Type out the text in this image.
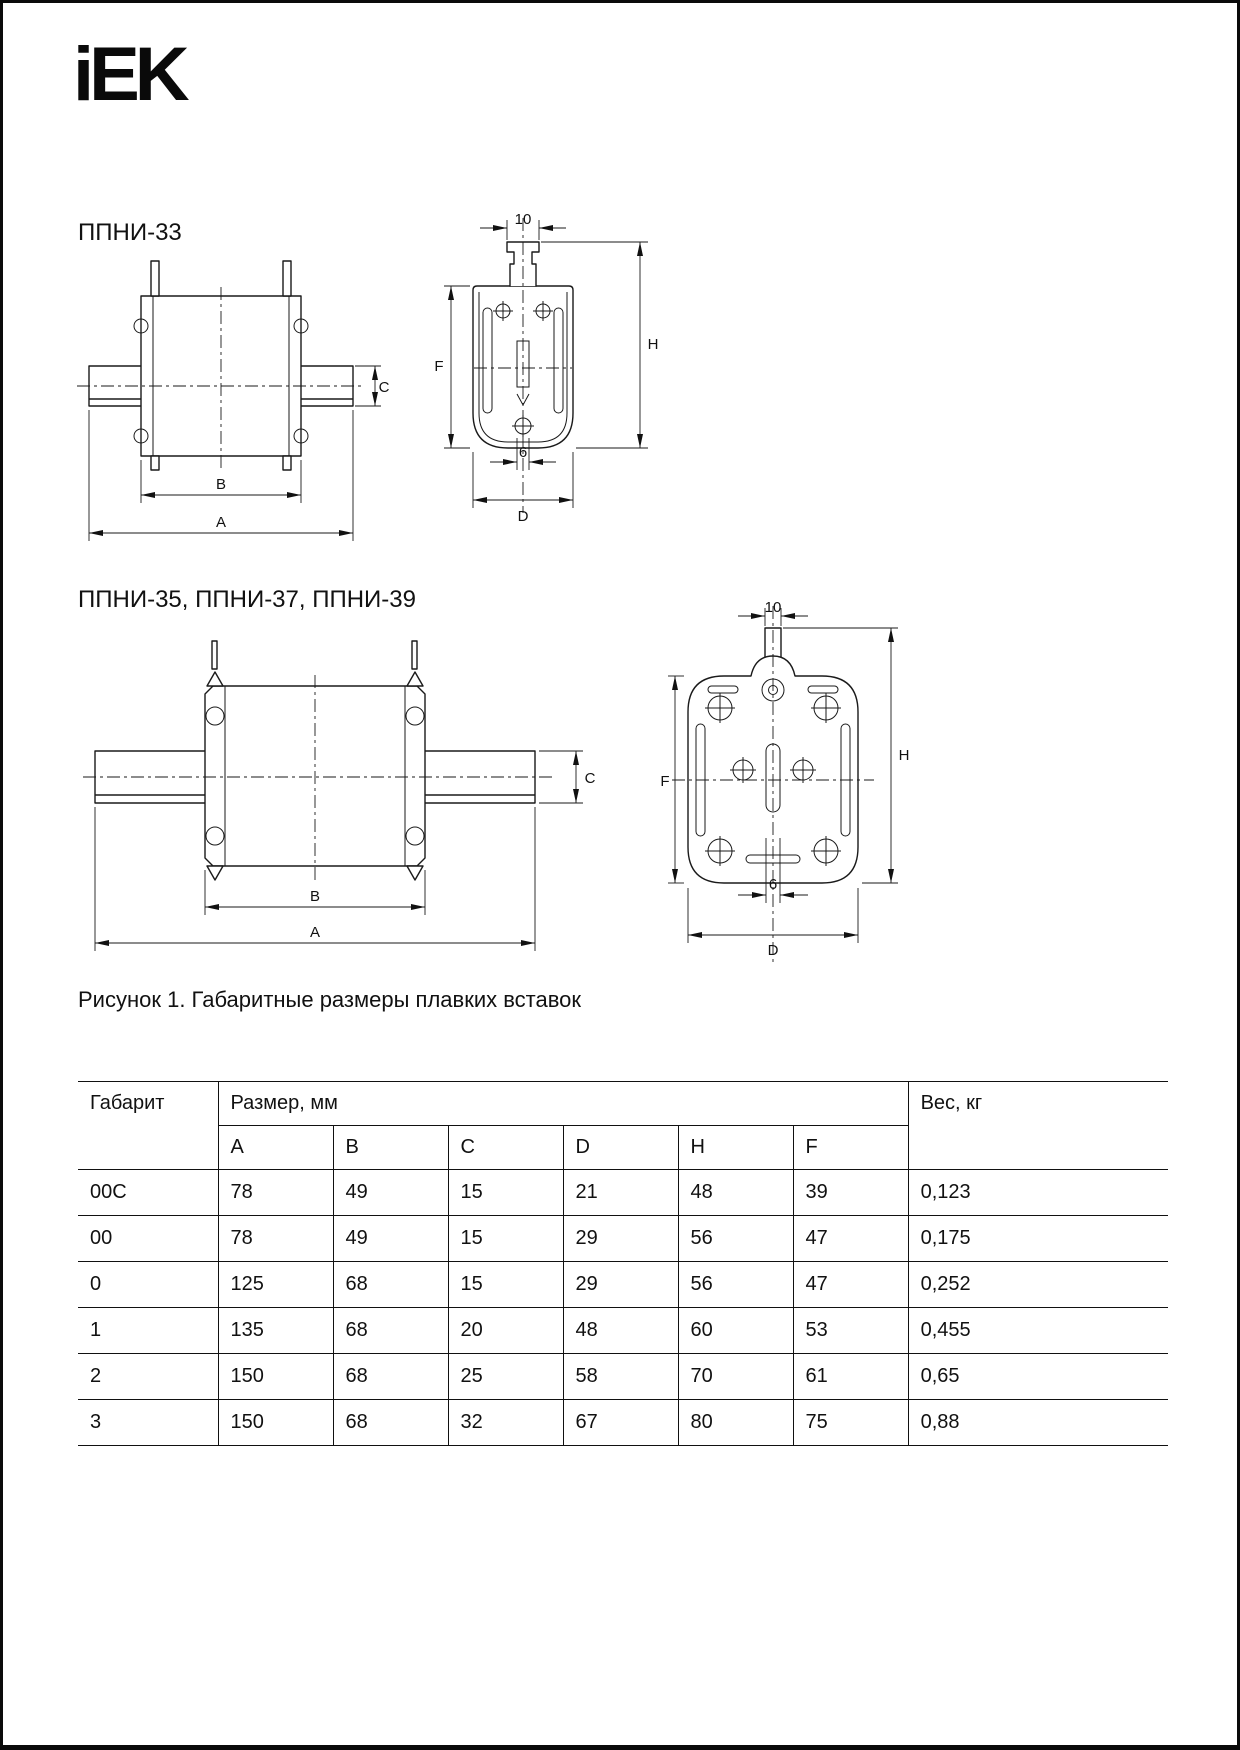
iEK
ППНИ-33
C
B
A
10
F
H
6
D
ППНИ-35, ППНИ-37, ППНИ-39
C
B
A
10
F
H
6
D
Рисунок 1. Габаритные размеры плавких вставок
Габарит	Размер, мм						Вес, кг
	A	B	C	D	H	F	
00C	78	49	15	21	48	39	0,123
00	78	49	15	29	56	47	0,175
0	125	68	15	29	56	47	0,252
1	135	68	20	48	60	53	0,455
2	150	68	25	58	70	61	0,65
3	150	68	32	67	80	75	0,88
